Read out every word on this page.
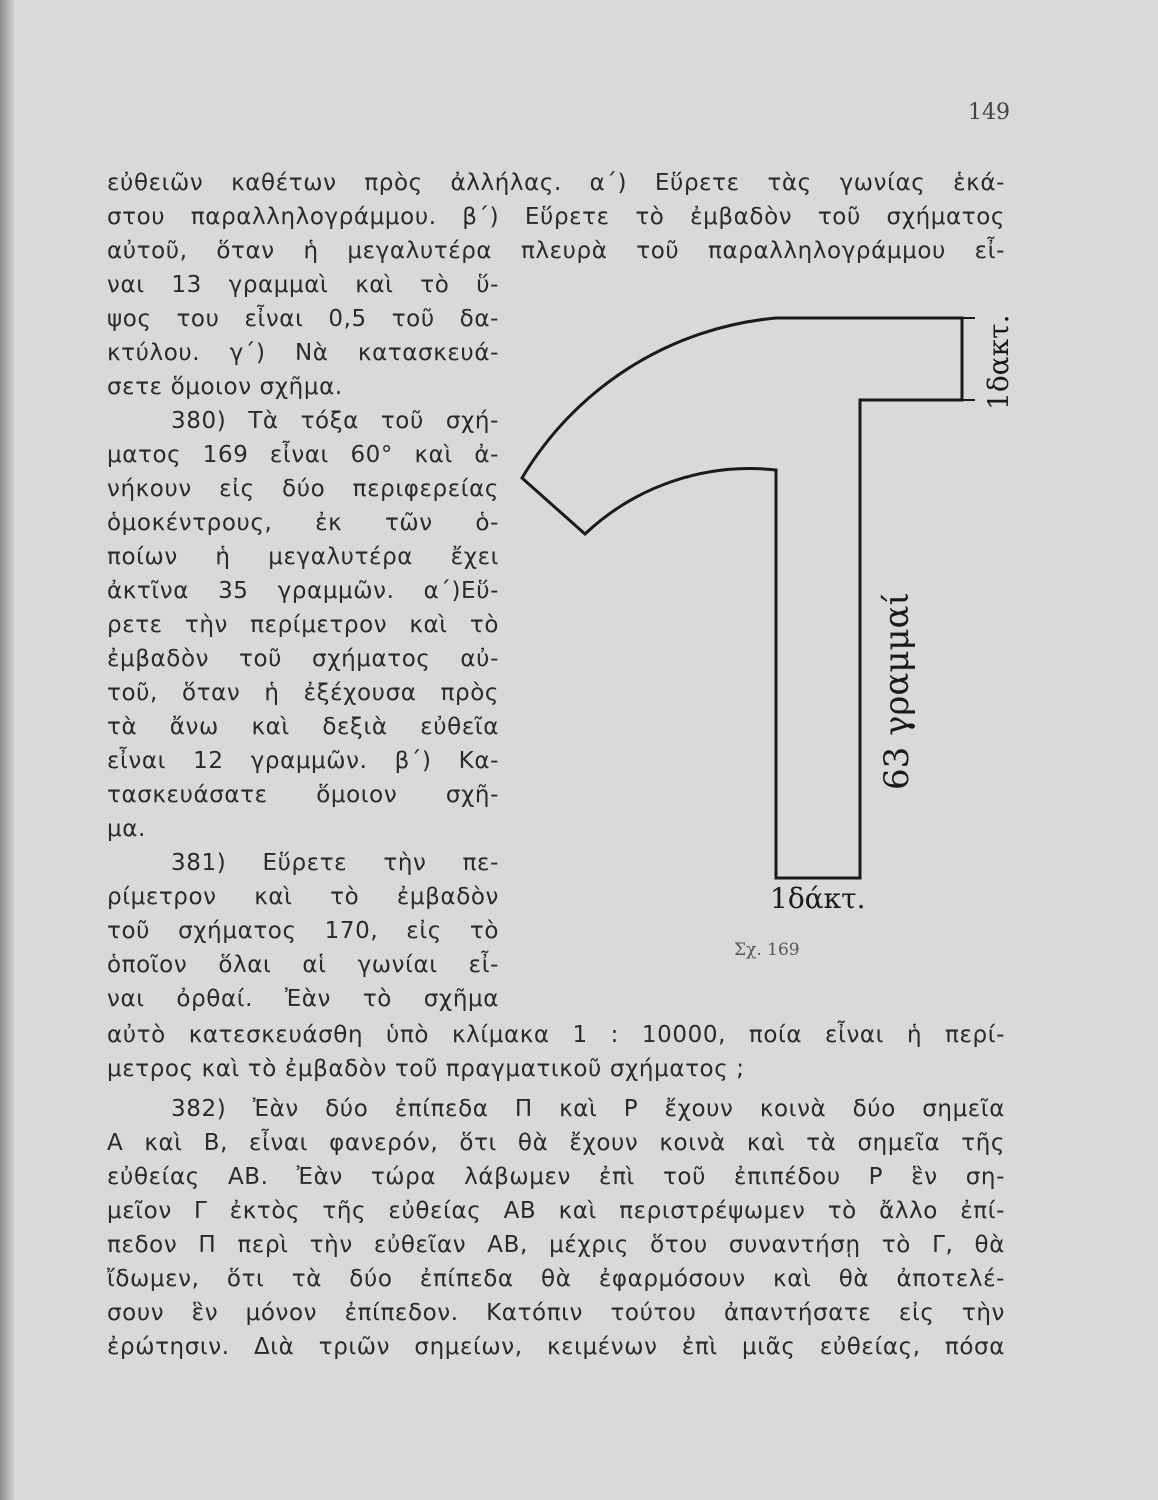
149
εὐθειῶν καθέτων πρὸς ἀλλήλας. α΄) Εὕρετε τὰς γωνίας ἑκά-
στου παραλληλογράμμου. β΄) Εὕρετε τὸ ἐμβαδὸν τοῦ σχήματος
αὐτοῦ, ὅταν ἡ μεγαλυτέρα πλευρὰ τοῦ παραλληλογράμμου εἶ-
ναι 13 γραμμαὶ καὶ τὸ ὕ-
ψος του εἶναι 0,5 τοῦ δα-
κτύλου. γ΄) Νὰ κατασκευά-
σετε ὅμοιον σχῆμα.
380) Τὰ τόξα τοῦ σχή-
ματος 169 εἶναι 60° καὶ ἀ-
νήκουν εἰς δύο περιφερείας
ὁμοκέντρους, ἐκ τῶν ὁ-
ποίων ἡ μεγαλυτέρα ἔχει
ἀκτῖνα 35 γραμμῶν. α΄)Εὕ-
ρετε τὴν περίμετρον καὶ τὸ
ἐμβαδὸν τοῦ σχήματος αὐ-
τοῦ, ὅταν ἡ ἐξέχουσα πρὸς
τὰ ἄνω καὶ δεξιὰ εὐθεῖα
εἶναι 12 γραμμῶν. β΄) Κα-
τασκευάσατε ὅμοιον σχῆ-
μα.
381) Εὕρετε τὴν πε-
ρίμετρον καὶ τὸ ἐμβαδὸν
τοῦ σχήματος 170, εἰς τὸ
ὁποῖον ὅλαι αἱ γωνίαι εἶ-
ναι ὀρθαί. Ἐὰν τὸ σχῆμα
αὐτὸ κατεσκευάσθη ὑπὸ κλίμακα 1 : 10000, ποία εἶναι ἡ περί-
μετρος καὶ τὸ ἐμβαδὸν τοῦ πραγματικοῦ σχήματος ;
382) Ἐὰν δύο ἐπίπεδα Π καὶ Ρ ἔχουν κοινὰ δύο σημεῖα
Α καὶ Β, εἶναι φανερόν, ὅτι θὰ ἔχουν κοινὰ καὶ τὰ σημεῖα τῆς
εὐθείας ΑΒ. Ἐὰν τώρα λάβωμεν ἐπὶ τοῦ ἐπιπέδου Ρ ἓν ση-
μεῖον Γ ἐκτὸς τῆς εὐθείας ΑΒ καὶ περιστρέψωμεν τὸ ἄλλο ἐπί-
πεδον Π περὶ τὴν εὐθεῖαν ΑΒ, μέχρις ὅτου συναντήσῃ τὸ Γ, θὰ
ἴδωμεν, ὅτι τὰ δύο ἐπίπεδα θὰ ἐφαρμόσουν καὶ θὰ ἀποτελέ-
σουν ἓν μόνον ἐπίπεδον. Κατόπιν τούτου ἀπαντήσατε εἰς τὴν
ἐρώτησιν. Διὰ τριῶν σημείων, κειμένων ἐπὶ μιᾶς εὐθείας, πόσα
1δακτ.
63 γραμμαί
1δάκτ.
Σχ. 169
